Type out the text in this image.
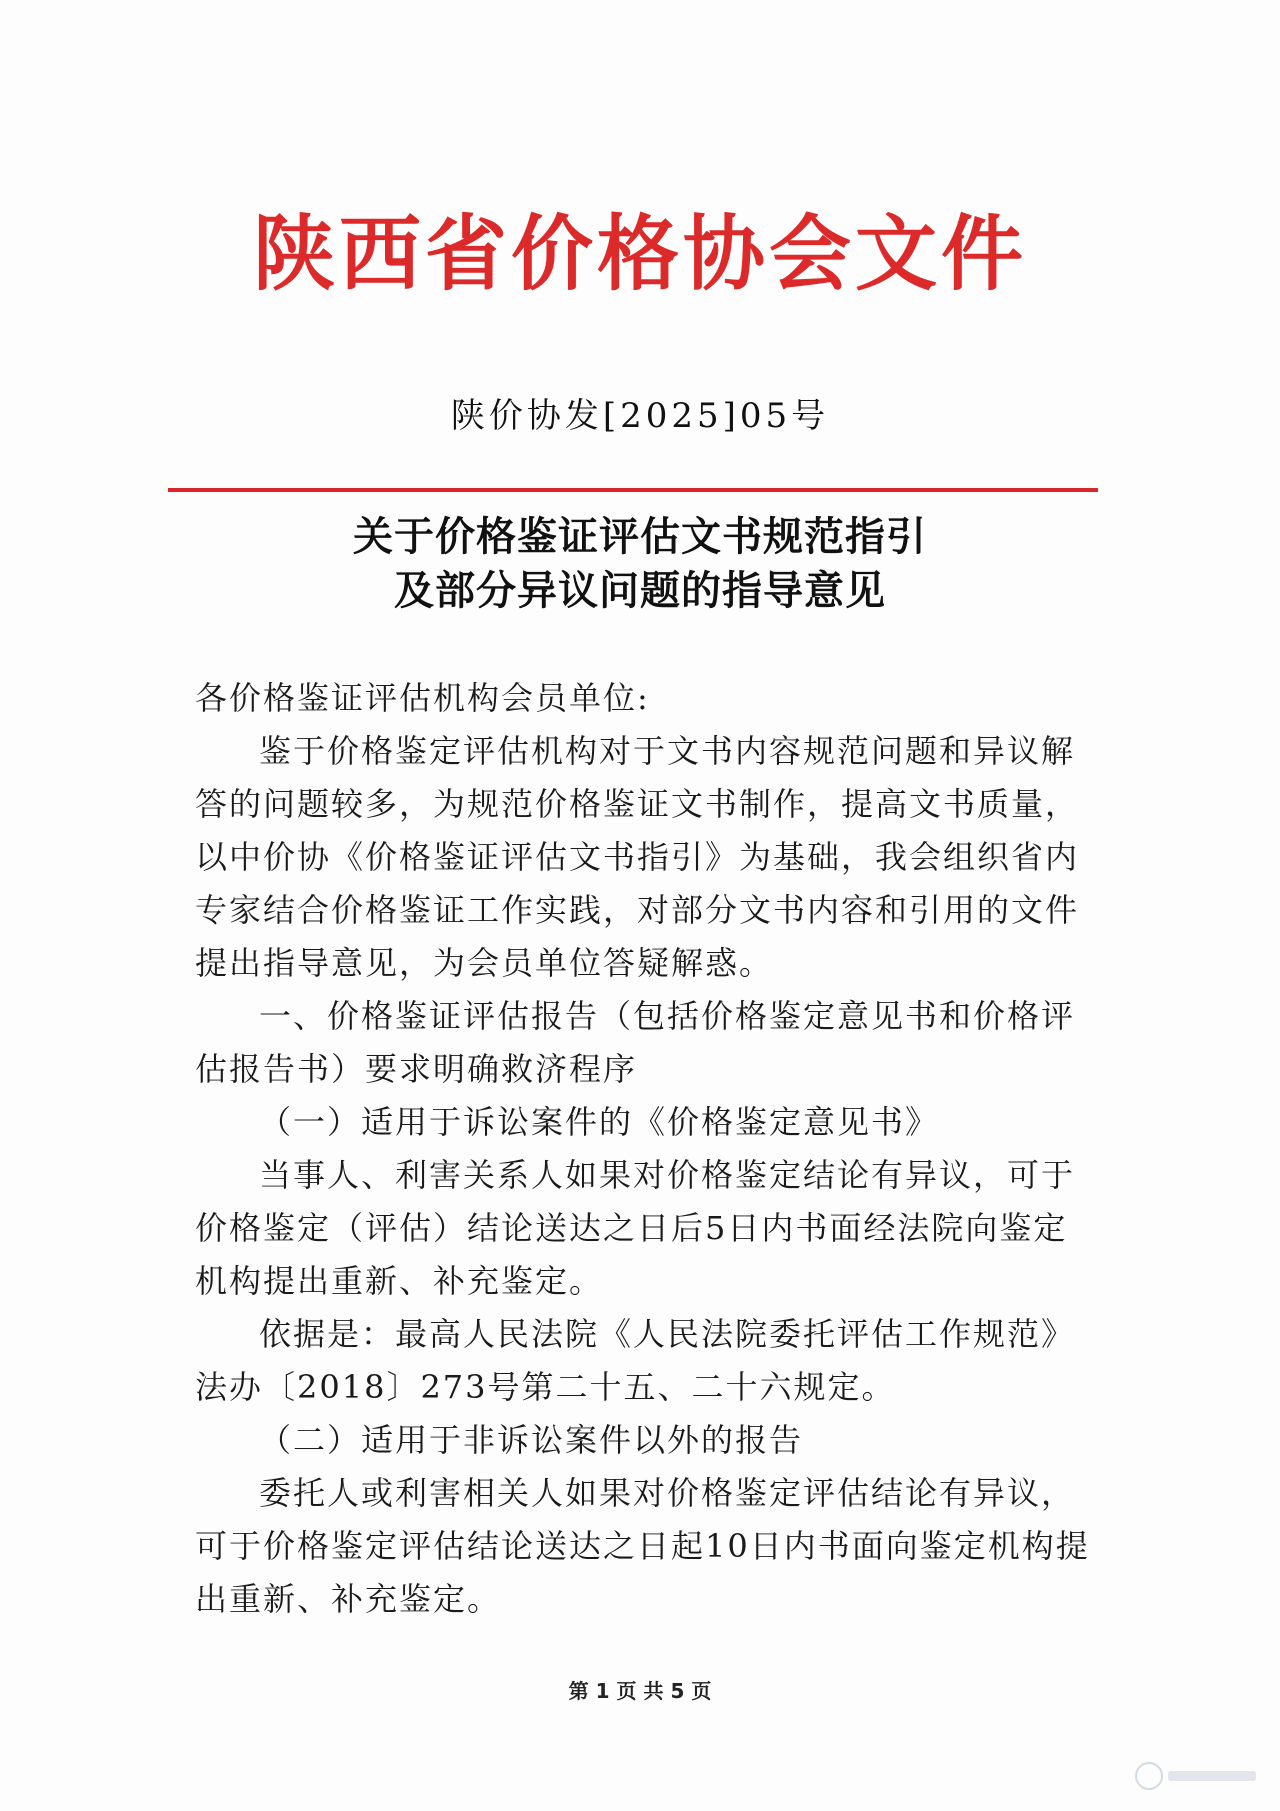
陕西省价格协会文件
陕价协发[2025]05号
关于价格鉴证评估文书规范指引
及部分异议问题的指导意见

各价格鉴证评估机构会员单位:

鉴于价格鉴定评估机构对于文书内容规范问题和异议解答的问题较多，为规范价格鉴证文书制作，提高文书质量，以中价协《价格鉴证评估文书指引》为基础，我会组织省内专家结合价格鉴证工作实践，对部分文书内容和引用的文件提出指导意见，为会员单位答疑解惑。

一、价格鉴证评估报告（包括价格鉴定意见书和价格评估报告书）要求明确救济程序

（一）适用于诉讼案件的《价格鉴定意见书》

当事人、利害关系人如果对价格鉴定结论有异议，可于价格鉴定（评估）结论送达之日后5日内书面经法院向鉴定机构提出重新、补充鉴定。

依据是：最高人民法院《人民法院委托评估工作规范》法办〔2018〕273号第二十五、二十六规定。

（二）适用于非诉讼案件以外的报告

委托人或利害相关人如果对价格鉴定评估结论有异议，可于价格鉴定评估结论送达之日起10日内书面向鉴定机构提出重新、补充鉴定。

第 1 页 共 5 页
